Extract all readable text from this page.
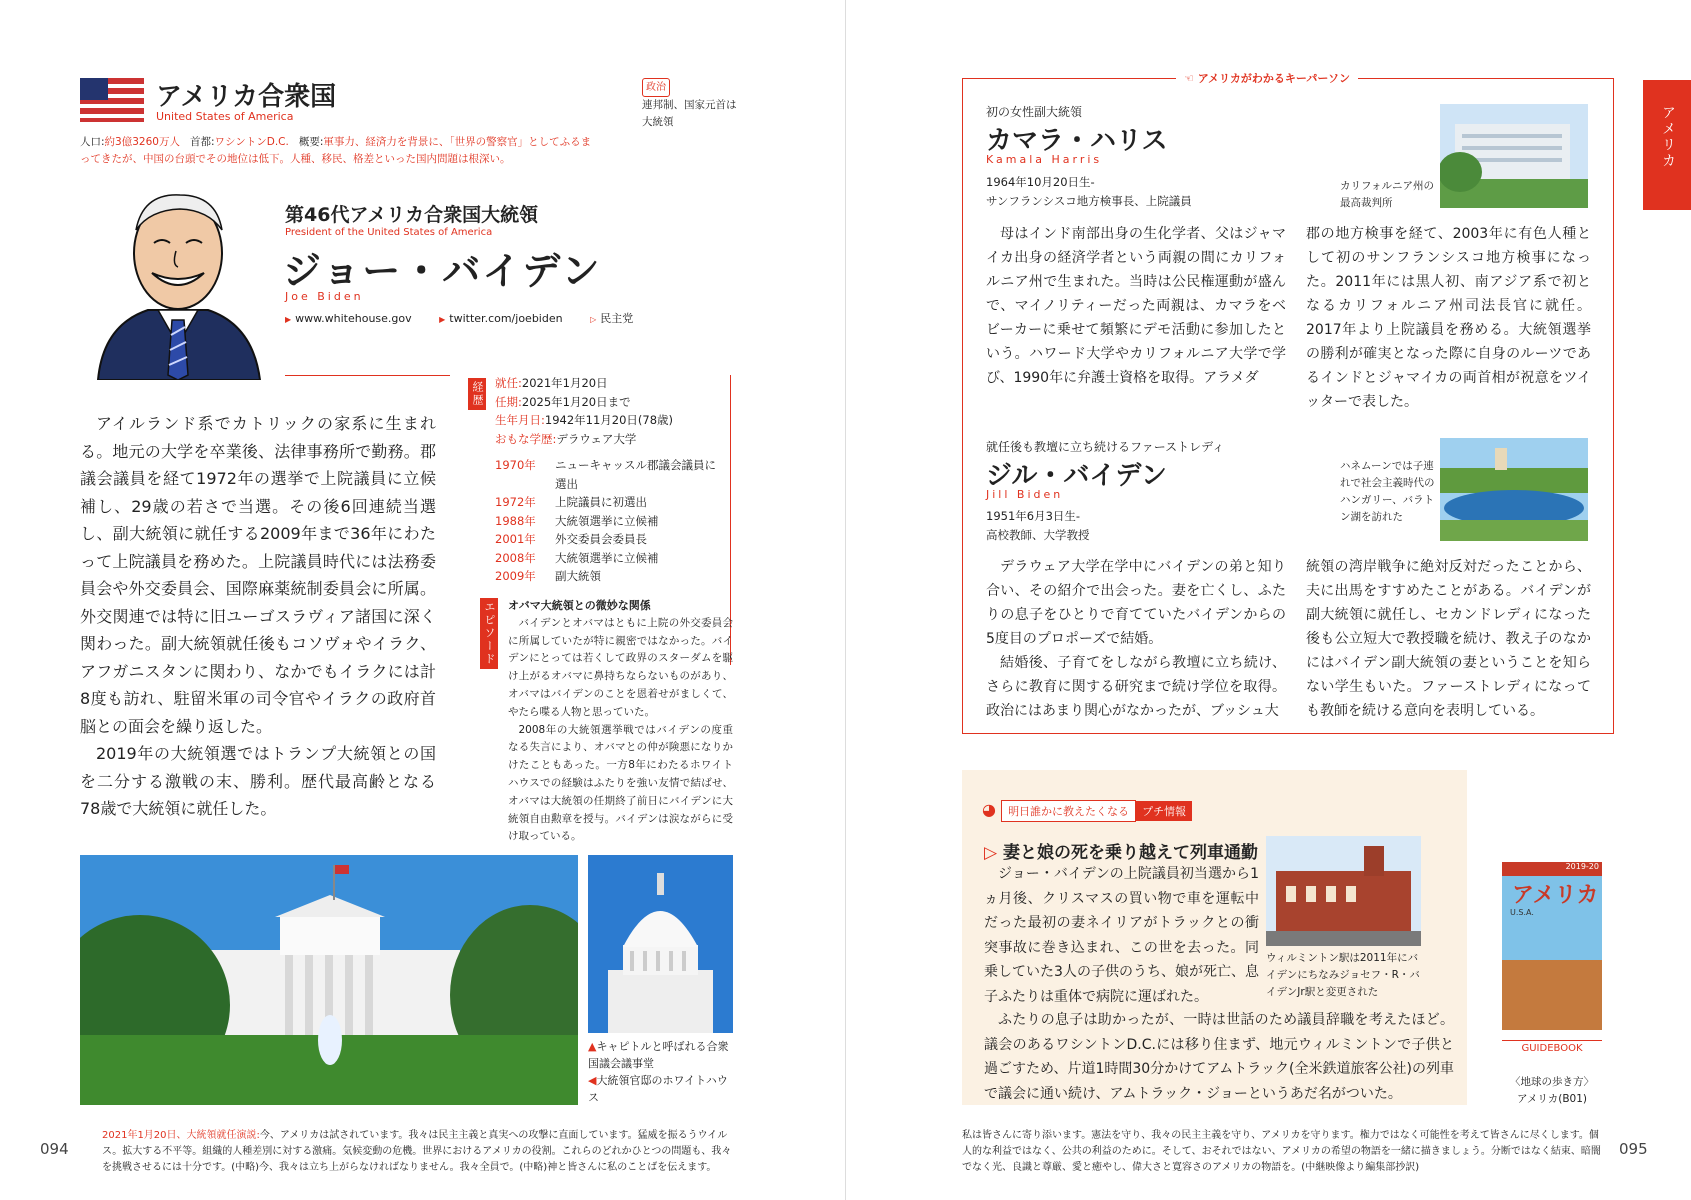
アメリカ合衆国
United States of America
人口:約3億3260万人 首都:ワシントンD.C. 概要:軍事力、経済力を背景に、「世界の警察官」としてふるまってきたが、中国の台頭でその地位は低下。人種、移民、格差といった国内問題は根深い。
政治
連邦制、国家元首は大統領
第46代アメリカ合衆国大統領
President of the United States of America
ジョー・バイデン
Joe Biden
▶ www.whitehouse.gov	▶ twitter.com/joebiden	▷ 民主党

アイルランド系でカトリックの家系に生まれる。地元の大学を卒業後、法律事務所で勤務。郡議会議員を経て1972年の選挙で上院議員に立候補し、29歳の若さで当選。その後6回連続当選し、副大統領に就任する2009年まで36年にわたって上院議員を務めた。上院議員時代には法務委員会や外交委員会、国際麻薬統制委員会に所属。外交関連では特に旧ユーゴスラヴィア諸国に深く関わった。副大統領就任後もコソヴォやイラク、アフガニスタンに関わり、なかでもイラクには計8度も訪れ、駐留米軍の司令官やイラクの政府首脳との面会を繰り返した。

2019年の大統領選ではトランプ大統領との国を二分する激戦の末、勝利。歴代最高齢となる78歳で大統領に就任した。

経歴 就任:2021年1月20日
任期:2025年1月20日まで
生年月日:1942年11月20日(78歳)
おもな学歴:デラウェア大学
1970年	ニューキャッスル郡議会議員に選出
1972年	上院議員に初選出
1988年	大統領選挙に立候補
2001年	外交委員会委員長
2008年	大統領選挙に立候補
2009年	副大統領
エピソード オバマ大統領との微妙な関係

バイデンとオバマはともに上院の外交委員会に所属していたが特に親密ではなかった。バイデンにとっては若くして政界のスターダムを駆け上がるオバマに鼻持ちならないものがあり、オバマはバイデンのことを恩着せがましくて、やたら喋る人物と思っていた。

2008年の大統領選挙戦ではバイデンの度重なる失言により、オバマとの仲が険悪になりかけたこともあった。一方8年にわたるホワイトハウスでの経験はふたりを強い友情で結ばせ、オバマは大統領の任期終了前日にバイデンに大統領自由勲章を授与。バイデンは涙ながらに受け取っている。

▲キャピトルと呼ばれる合衆国議会議事堂
◀大統領官邸のホワイトハウス
2021年1月20日、大統領就任演説:今、アメリカは試されています。我々は民主主義と真実への攻撃に直面しています。猛威を振るうウイルス。拡大する不平等。組織的人種差別に対する激痛。気候変動の危機。世界におけるアメリカの役割。これらのどれかひとつの問題も、我々を挑戦させるには十分です。(中略)今、我々は立ち上がらなければなりません。我々全員で。(中略)神と皆さんに私のことばを伝えます。
094
☜ アメリカがわかるキーパーソン
初の女性副大統領
カマラ・ハリス
Kamala Harris
1964年10月20日生-
サンフランシスコ地方検事長、上院議員
カリフォルニア州の最高裁判所

母はインド南部出身の生化学者、父はジャマイカ出身の経済学者という両親の間にカリフォルニア州で生まれた。当時は公民権運動が盛んで、マイノリティーだった両親は、カマラをベビーカーに乗せて頻繁にデモ活動に参加したという。ハワード大学やカリフォルニア大学で学び、1990年に弁護士資格を取得。アラメダ

郡の地方検事を経て、2003年に有色人種として初のサンフランシスコ地方検事になった。2011年には黒人初、南アジア系で初となるカリフォルニア州司法長官に就任。2017年より上院議員を務める。大統領選挙の勝利が確実となった際に自身のルーツであるインドとジャマイカの両首相が祝意をツイッターで表した。

就任後も教壇に立ち続けるファーストレディ
ジル・バイデン
Jill Biden
1951年6月3日生-
高校教師、大学教授
ハネムーンでは子連れで社会主義時代のハンガリー、バラトン湖を訪れた

デラウェア大学在学中にバイデンの弟と知り合い、その紹介で出会った。妻を亡くし、ふたりの息子をひとりで育てていたバイデンからの5度目のプロポーズで結婚。

結婚後、子育てをしながら教壇に立ち続け、さらに教育に関する研究まで続け学位を取得。政治にはあまり関心がなかったが、ブッシュ大

統領の湾岸戦争に絶対反対だったことから、夫に出馬をすすめたことがある。バイデンが副大統領に就任し、セカンドレディになった後も公立短大で教授職を続け、教え子のなかにはバイデン副大統領の妻ということを知らない学生もいた。ファーストレディになっても教師を続ける意向を表明している。

アメリカ
◕ 明日誰かに教えたくなる プチ情報
▷ 妻と娘の死を乗り越えて列車通勤

ジョー・バイデンの上院議員初当選から1ヵ月後、クリスマスの買い物で車を運転中だった最初の妻ネイリアがトラックとの衝突事故に巻き込まれ、この世を去った。同乗していた3人の子供のうち、娘が死亡、息子ふたりは重体で病院に運ばれた。

ふたりの息子は助かったが、一時は世話のため議員辞職を考えたほど。議会のあるワシントンD.C.には移り住まず、地元ウィルミントンで子供と過ごすため、片道1時間30分かけてアムトラック(全米鉄道旅客公社)の列車で議会に通い続け、アムトラック・ジョーというあだ名がついた。

ウィルミントン駅は2011年にバイデンにちなみジョセフ・R・バイデンJr駅と変更された
2019-20
アメリカ
U.S.A.
GUIDEBOOK
〈地球の歩き方〉
アメリカ(B01)
私は皆さんに寄り添います。憲法を守り、我々の民主主義を守り、アメリカを守ります。権力ではなく可能性を考えて皆さんに尽くします。個人的な利益ではなく、公共の利益のために。そして、おそれではない、アメリカの希望の物語を一緒に描きましょう。分断ではなく結束、暗闇でなく光、良識と尊厳、愛と癒やし、偉大さと寛容さのアメリカの物語を。(中継映像より編集部抄訳)
095
